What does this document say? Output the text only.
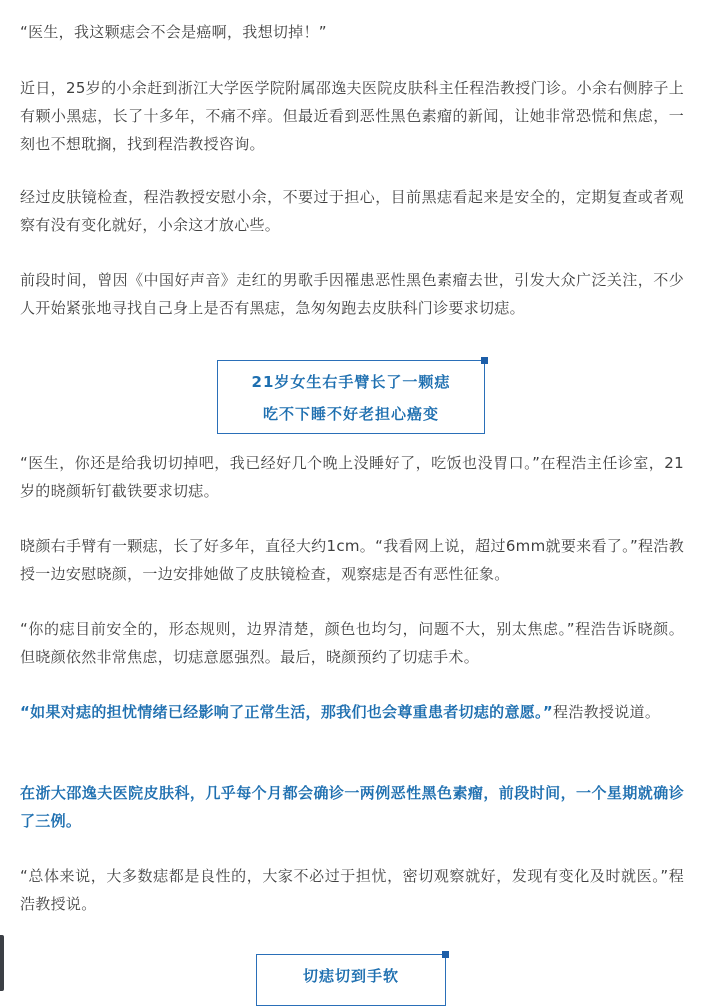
“医生，我这颗痣会不会是癌啊，我想切掉！”

近日，25岁的小余赶到浙江大学医学院附属邵逸夫医院皮肤科主任程浩教授门诊。小余右侧脖子上有颗小黑痣，长了十多年，不痛不痒。但最近看到恶性黑色素瘤的新闻，让她非常恐慌和焦虑，一刻也不想耽搁，找到程浩教授咨询。

经过皮肤镜检查，程浩教授安慰小余，不要过于担心，目前黑痣看起来是安全的，定期复查或者观察有没有变化就好，小余这才放心些。

前段时间，曾因《中国好声音》走红的男歌手因罹患恶性黑色素瘤去世，引发大众广泛关注，不少人开始紧张地寻找自己身上是否有黑痣，急匆匆跑去皮肤科门诊要求切痣。

“医生，你还是给我切切掉吧，我已经好几个晚上没睡好了，吃饭也没胃口。”在程浩主任诊室，21岁的晓颜斩钉截铁要求切痣。

晓颜右手臂有一颗痣，长了好多年，直径大约1cm。“我看网上说，超过6mm就要来看了。”程浩教授一边安慰晓颜，一边安排她做了皮肤镜检查，观察痣是否有恶性征象。

“你的痣目前安全的，形态规则，边界清楚，颜色也均匀，问题不大，别太焦虑。”程浩告诉晓颜。但晓颜依然非常焦虑，切痣意愿强烈。最后，晓颜预约了切痣手术。

“如果对痣的担忧情绪已经影响了正常生活，那我们也会尊重患者切痣的意愿。”程浩教授说道。

在浙大邵逸夫医院皮肤科，几乎每个月都会确诊一两例恶性黑色素瘤，前段时间，一个星期就确诊了三例。

“总体来说，大多数痣都是良性的，大家不必过于担忧，密切观察就好，发现有变化及时就医。”程浩教授说。

21岁女生右手臂长了一颗痣
吃不下睡不好老担心癌变
切痣切到手软
